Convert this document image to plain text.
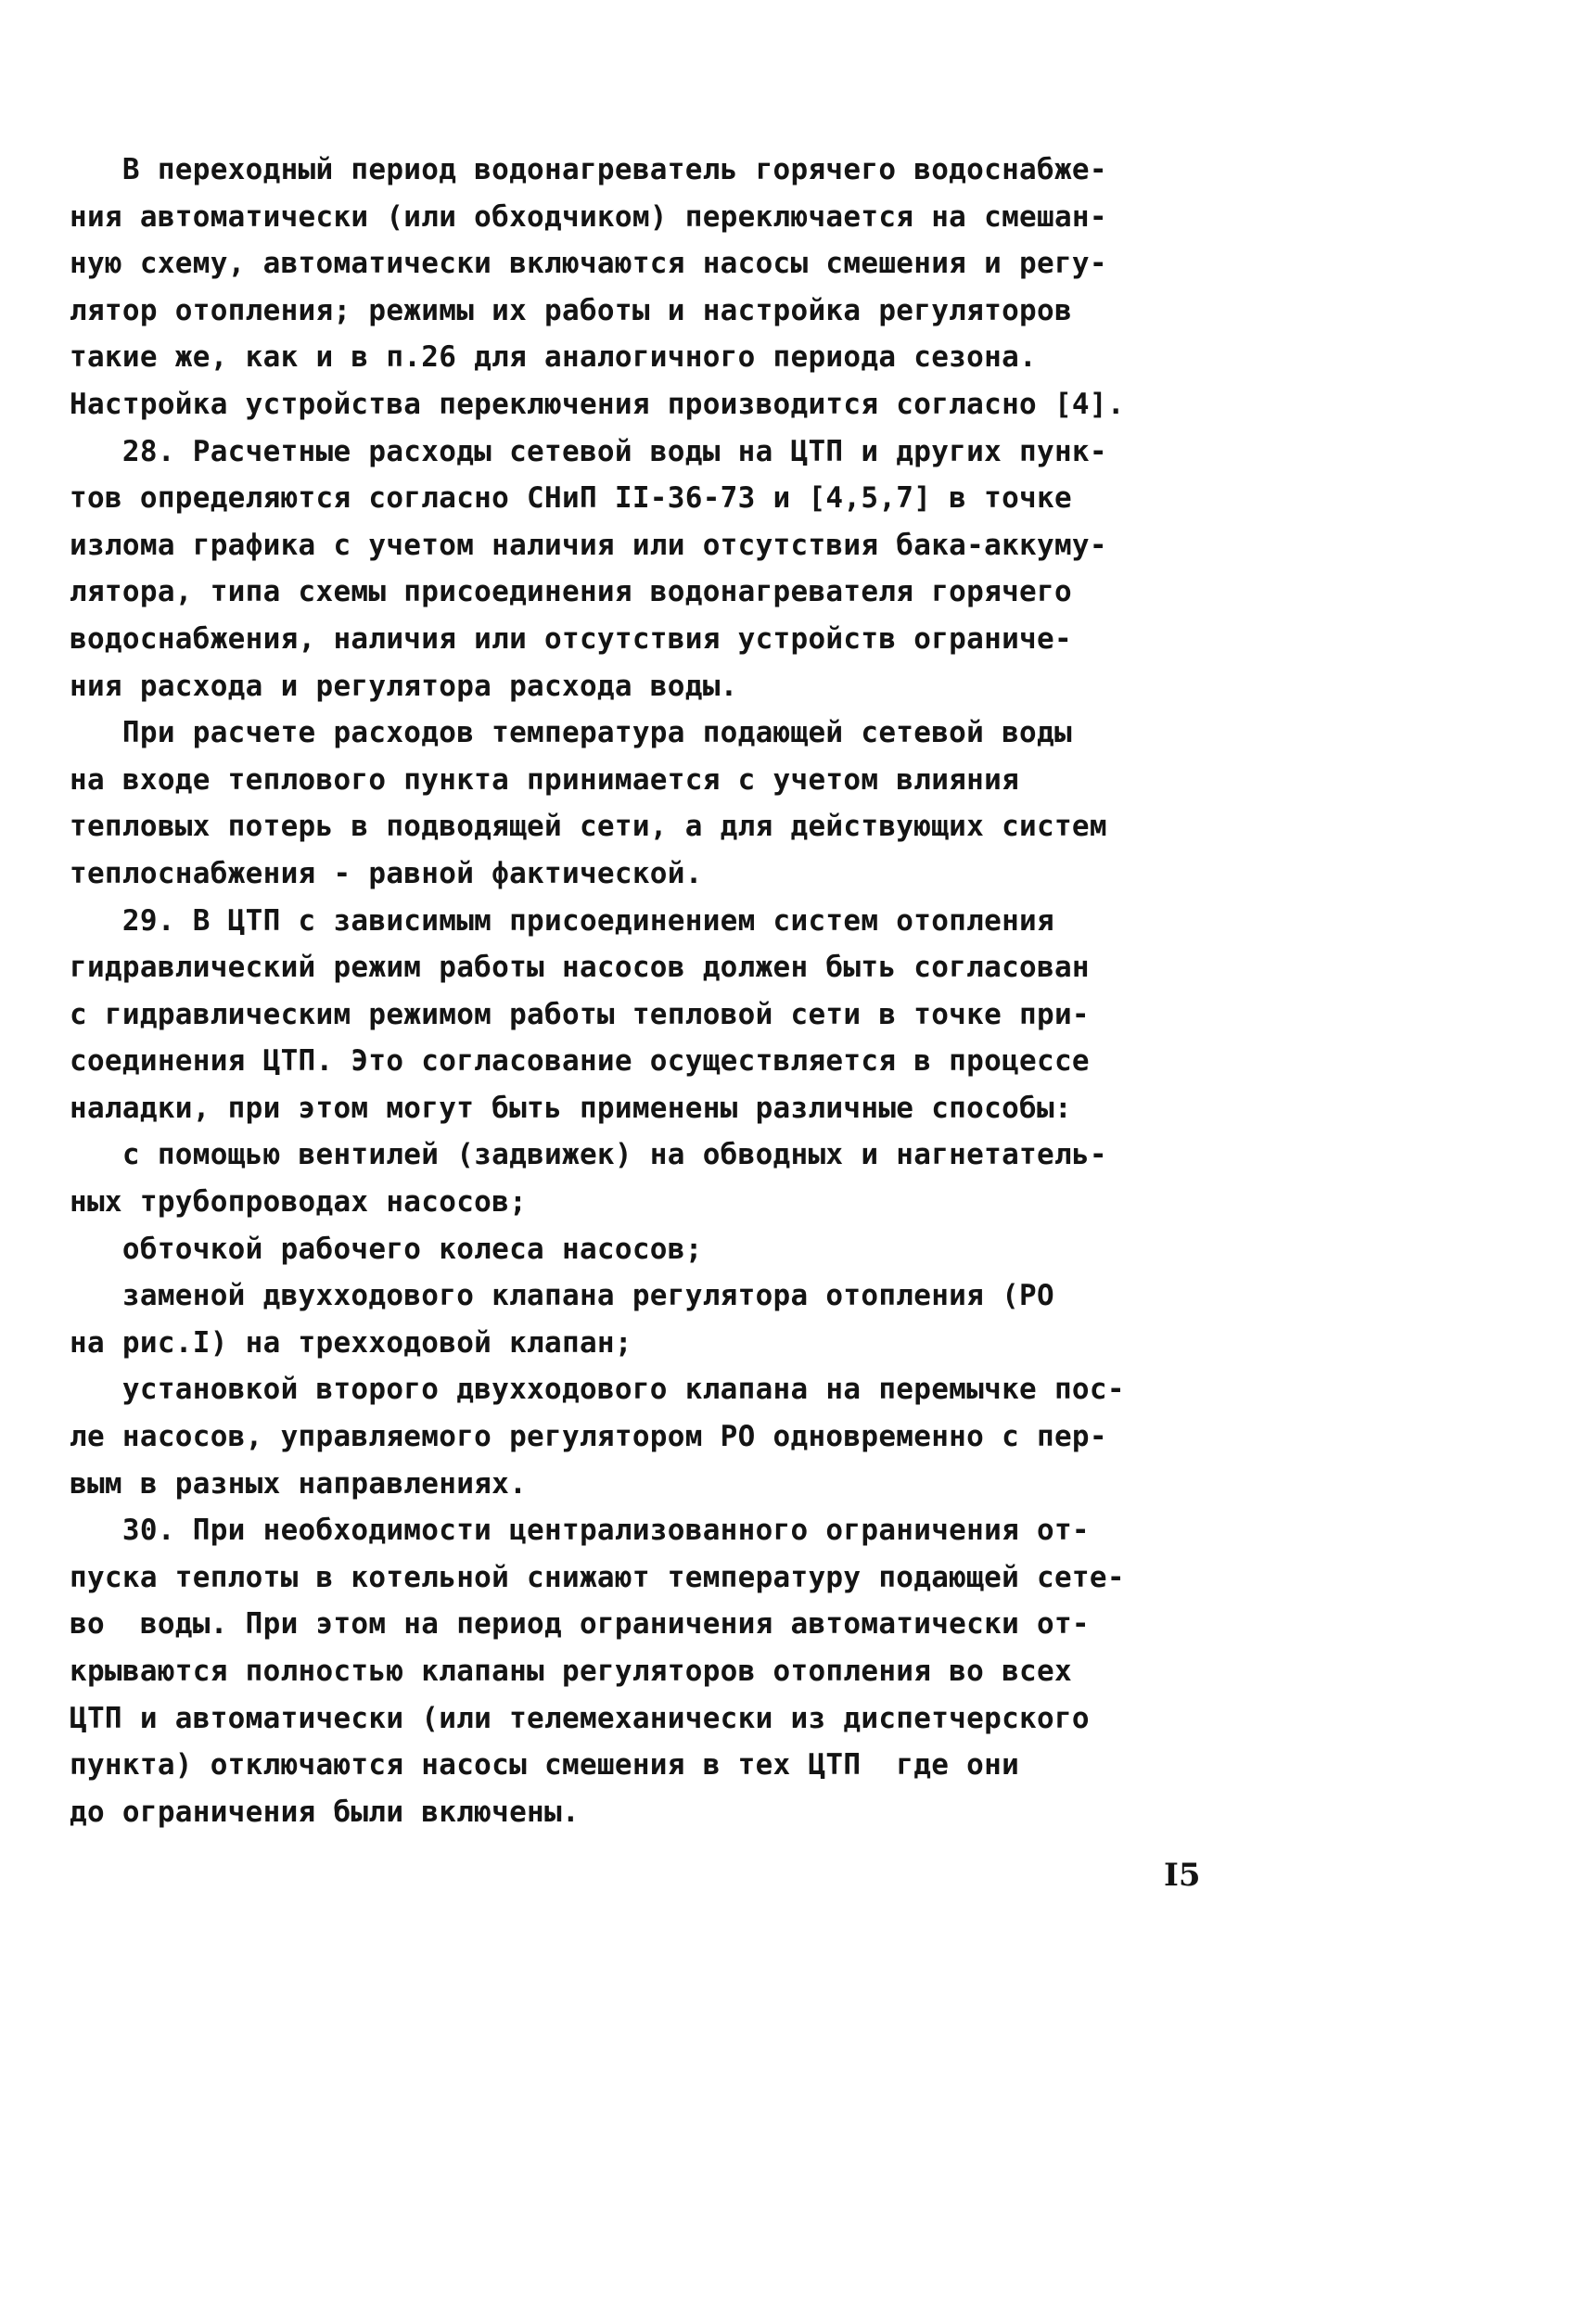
В переходный период водонагреватель горячего водоснабже-
ния автоматически (или обходчиком) переключается на смешан-
ную схему, автоматически включаются насосы смешения и регу-
лятор отопления; режимы их работы и настройка регуляторов
такие же, как и в п.26 для аналогичного периода сезона.
Настройка устройства переключения производится согласно [4].
28. Расчетные расходы сетевой воды на ЦТП и других пунк-
тов определяются согласно СНиП II-36-73 и [4,5,7] в точке
излома графика с учетом наличия или отсутствия бака-аккуму-
лятора, типа схемы присоединения водонагревателя горячего
водоснабжения, наличия или отсутствия устройств ограниче-
ния расхода и регулятора расхода воды.
При расчете расходов температура подающей сетевой воды
на входе теплового пункта принимается с учетом влияния
тепловых потерь в подводящей сети, а для действующих систем
теплоснабжения - равной фактической.
29. В ЦТП с зависимым присоединением систем отопления
гидравлический режим работы насосов должен быть согласован
с гидравлическим режимом работы тепловой сети в точке при-
соединения ЦТП. Это согласование осуществляется в процессе
наладки, при этом могут быть применены различные способы:
с помощью вентилей (задвижек) на обводных и нагнетатель-
ных трубопроводах насосов;
обточкой рабочего колеса насосов;
заменой двухходового клапана регулятора отопления (РО
на рис.I) на трехходовой клапан;
установкой второго двухходового клапана на перемычке пос-
ле насосов, управляемого регулятором РО одновременно с пер-
вым в разных направлениях.
30. При необходимости централизованного ограничения от-
пуска теплоты в котельной снижают температуру подающей сете-
во  воды. При этом на период ограничения автоматически от-
крываются полностью клапаны регуляторов отопления во всех
ЦТП и автоматически (или телемеханически из диспетчерского
пункта) отключаются насосы смешения в тех ЦТП  где они
до ограничения были включены.
I5
